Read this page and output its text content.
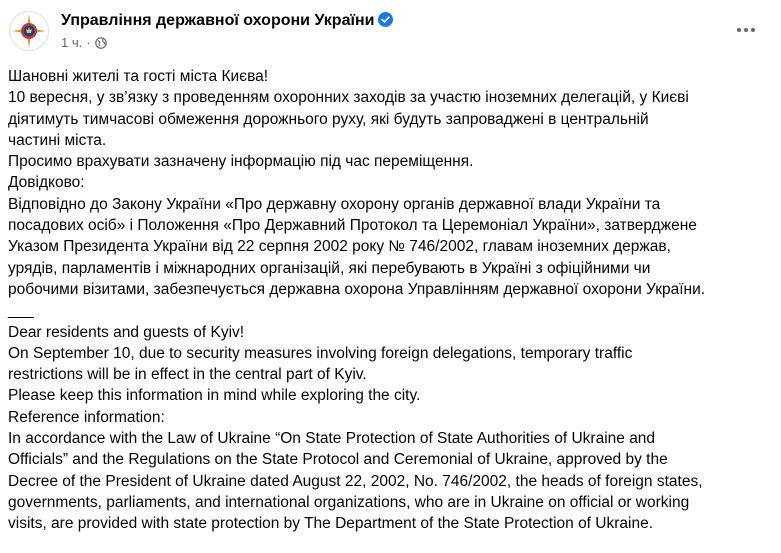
Управління державної охорони України
1 ч. ·

Шановні жителі та гості міста Києва!

10 вересня, у зв’язку з проведенням охоронних заходів за участю іноземних делегацій, у Києві

діятимуть тимчасові обмеження дорожнього руху, які будуть запроваджені в центральній

частині міста.

Просимо врахувати зазначену інформацію під час переміщення.

Довідково:

Відповідно до Закону України «Про державну охорону органів державної влади України та

посадових осіб» і Положення «Про Державний Протокол та Церемоніал України», затверджене

Указом Президента України від 22 серпня 2002 року № 746/2002, главам іноземних держав,

урядів, парламентів і міжнародних організацій, які перебувають в Україні з офіційними чи

робочими візитами, забезпечується державна охорона Управлінням державної охорони України.

___

Dear residents and guests of Kyiv!

On September 10, due to security measures involving foreign delegations, temporary traffic

restrictions will be in effect in the central part of Kyiv.

Please keep this information in mind while exploring the city.

Reference information:

In accordance with the Law of Ukraine “On State Protection of State Authorities of Ukraine and

Officials” and the Regulations on the State Protocol and Ceremonial of Ukraine, approved by the

Decree of the President of Ukraine dated August 22, 2002, No. 746/2002, the heads of foreign states,

governments, parliaments, and international organizations, who are in Ukraine on official or working

visits, are provided with state protection by The Department of the State Protection of Ukraine.
